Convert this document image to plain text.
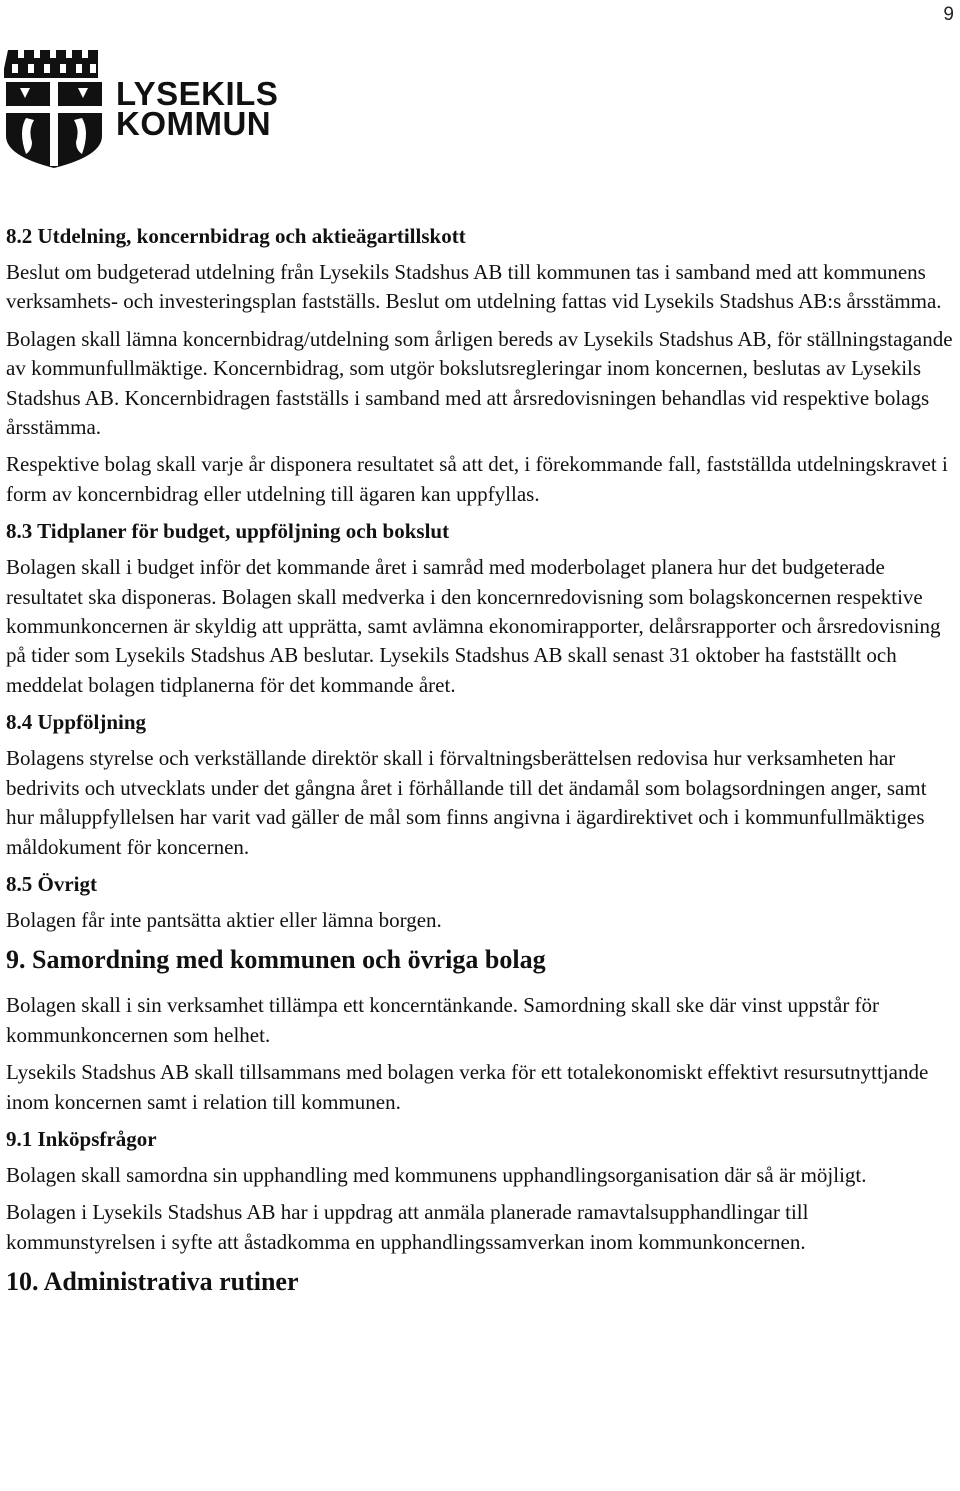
9
LYSEKILS
KOMMUN
8.2 Utdelning, koncernbidrag och aktieägartillskott

Beslut om budgeterad utdelning från Lysekils Stadshus AB till kommunen tas i samband med att kommunens verksamhets- och investeringsplan fastställs. Beslut om utdelning fattas vid Lysekils Stadshus AB:s årsstämma.

Bolagen skall lämna koncernbidrag/utdelning som årligen bereds av Lysekils Stadshus AB, för ställningstagande av kommunfullmäktige. Koncernbidrag, som utgör bokslutsregleringar inom koncernen, beslutas av Lysekils Stadshus AB. Koncernbidragen fastställs i samband med att årsredovisningen behandlas vid respektive bolags årsstämma.

Respektive bolag skall varje år disponera resultatet så att det, i förekommande fall, fastställda utdelningskravet i form av koncernbidrag eller utdelning till ägaren kan uppfyllas.

8.3 Tidplaner för budget, uppföljning och bokslut

Bolagen skall i budget inför det kommande året i samråd med moderbolaget planera hur det budgeterade resultatet ska disponeras. Bolagen skall medverka i den koncernredovisning som bolagskoncernen respektive kommunkoncernen är skyldig att upprätta, samt avlämna ekonomirapporter, delårsrapporter och årsredovisning på tider som Lysekils Stadshus AB beslutar. Lysekils Stadshus AB skall senast 31 oktober ha fastställt och meddelat bolagen tidplanerna för det kommande året.

8.4 Uppföljning

Bolagens styrelse och verkställande direktör skall i förvaltningsberättelsen redovisa hur verksamheten har bedrivits och utvecklats under det gångna året i förhållande till det ändamål som bolagsordningen anger, samt hur måluppfyllelsen har varit vad gäller de mål som finns angivna i ägardirektivet och i kommunfullmäktiges måldokument för koncernen.

8.5 Övrigt

Bolagen får inte pantsätta aktier eller lämna borgen.

9. Samordning med kommunen och övriga bolag

Bolagen skall i sin verksamhet tillämpa ett koncerntänkande. Samordning skall ske där vinst uppstår för kommunkoncernen som helhet.

Lysekils Stadshus AB skall tillsammans med bolagen verka för ett totalekonomiskt effektivt resursutnyttjande inom koncernen samt i relation till kommunen.

9.1 Inköpsfrågor

Bolagen skall samordna sin upphandling med kommunens upphandlingsorganisation där så är möjligt.

Bolagen i Lysekils Stadshus AB har i uppdrag att anmäla planerade ramavtalsupphandlingar till kommunstyrelsen i syfte att åstadkomma en upphandlingssamverkan inom kommunkoncernen.

10. Administrativa rutiner
